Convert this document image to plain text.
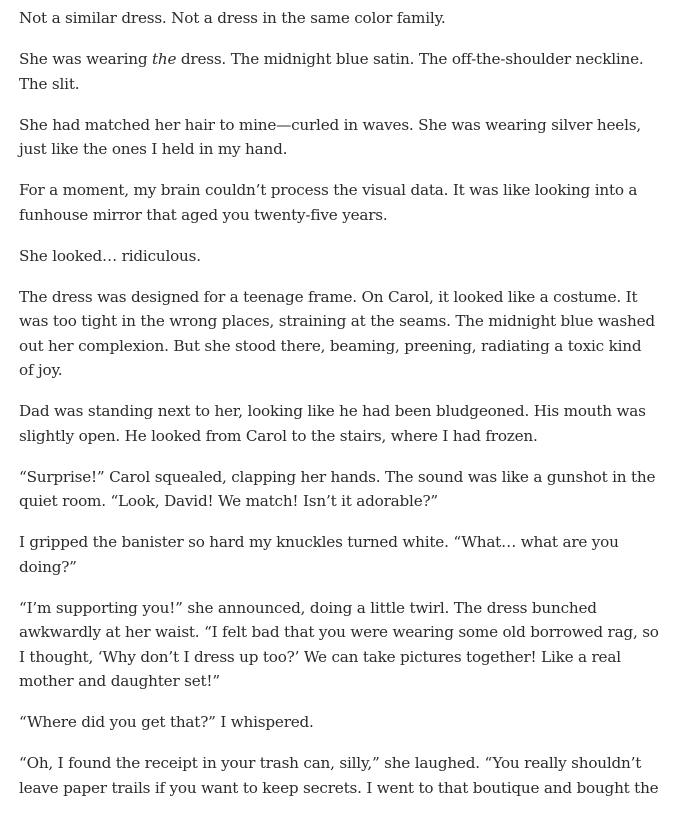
Not a similar dress. Not a dress in the same color family.

She was wearing the dress. The midnight blue satin. The off-the-shoulder neckline. The slit.

She had matched her hair to mine—curled in waves. She was wearing silver heels, just like the ones I held in my hand.

For a moment, my brain couldn’t process the visual data. It was like looking into a funhouse mirror that aged you twenty-five years.

She looked… ridiculous.

The dress was designed for a teenage frame. On Carol, it looked like a costume. It was too tight in the wrong places, straining at the seams. The midnight blue washed out her complexion. But she stood there, beaming, preening, radiating a toxic kind of joy.

Dad was standing next to her, looking like he had been bludgeoned. His mouth was slightly open. He looked from Carol to the stairs, where I had frozen.

“Surprise!” Carol squealed, clapping her hands. The sound was like a gunshot in the quiet room. “Look, David! We match! Isn’t it adorable?”

I gripped the banister so hard my knuckles turned white. “What… what are you doing?”

“I’m supporting you!” she announced, doing a little twirl. The dress bunched awkwardly at her waist. “I felt bad that you were wearing some old borrowed rag, so I thought, ‘Why don’t I dress up too?’ We can take pictures together! Like a real mother and daughter set!”

“Where did you get that?” I whispered.

“Oh, I found the receipt in your trash can, silly,” she laughed. “You really shouldn’t leave paper trails if you want to keep secrets. I went to that boutique and bought the
